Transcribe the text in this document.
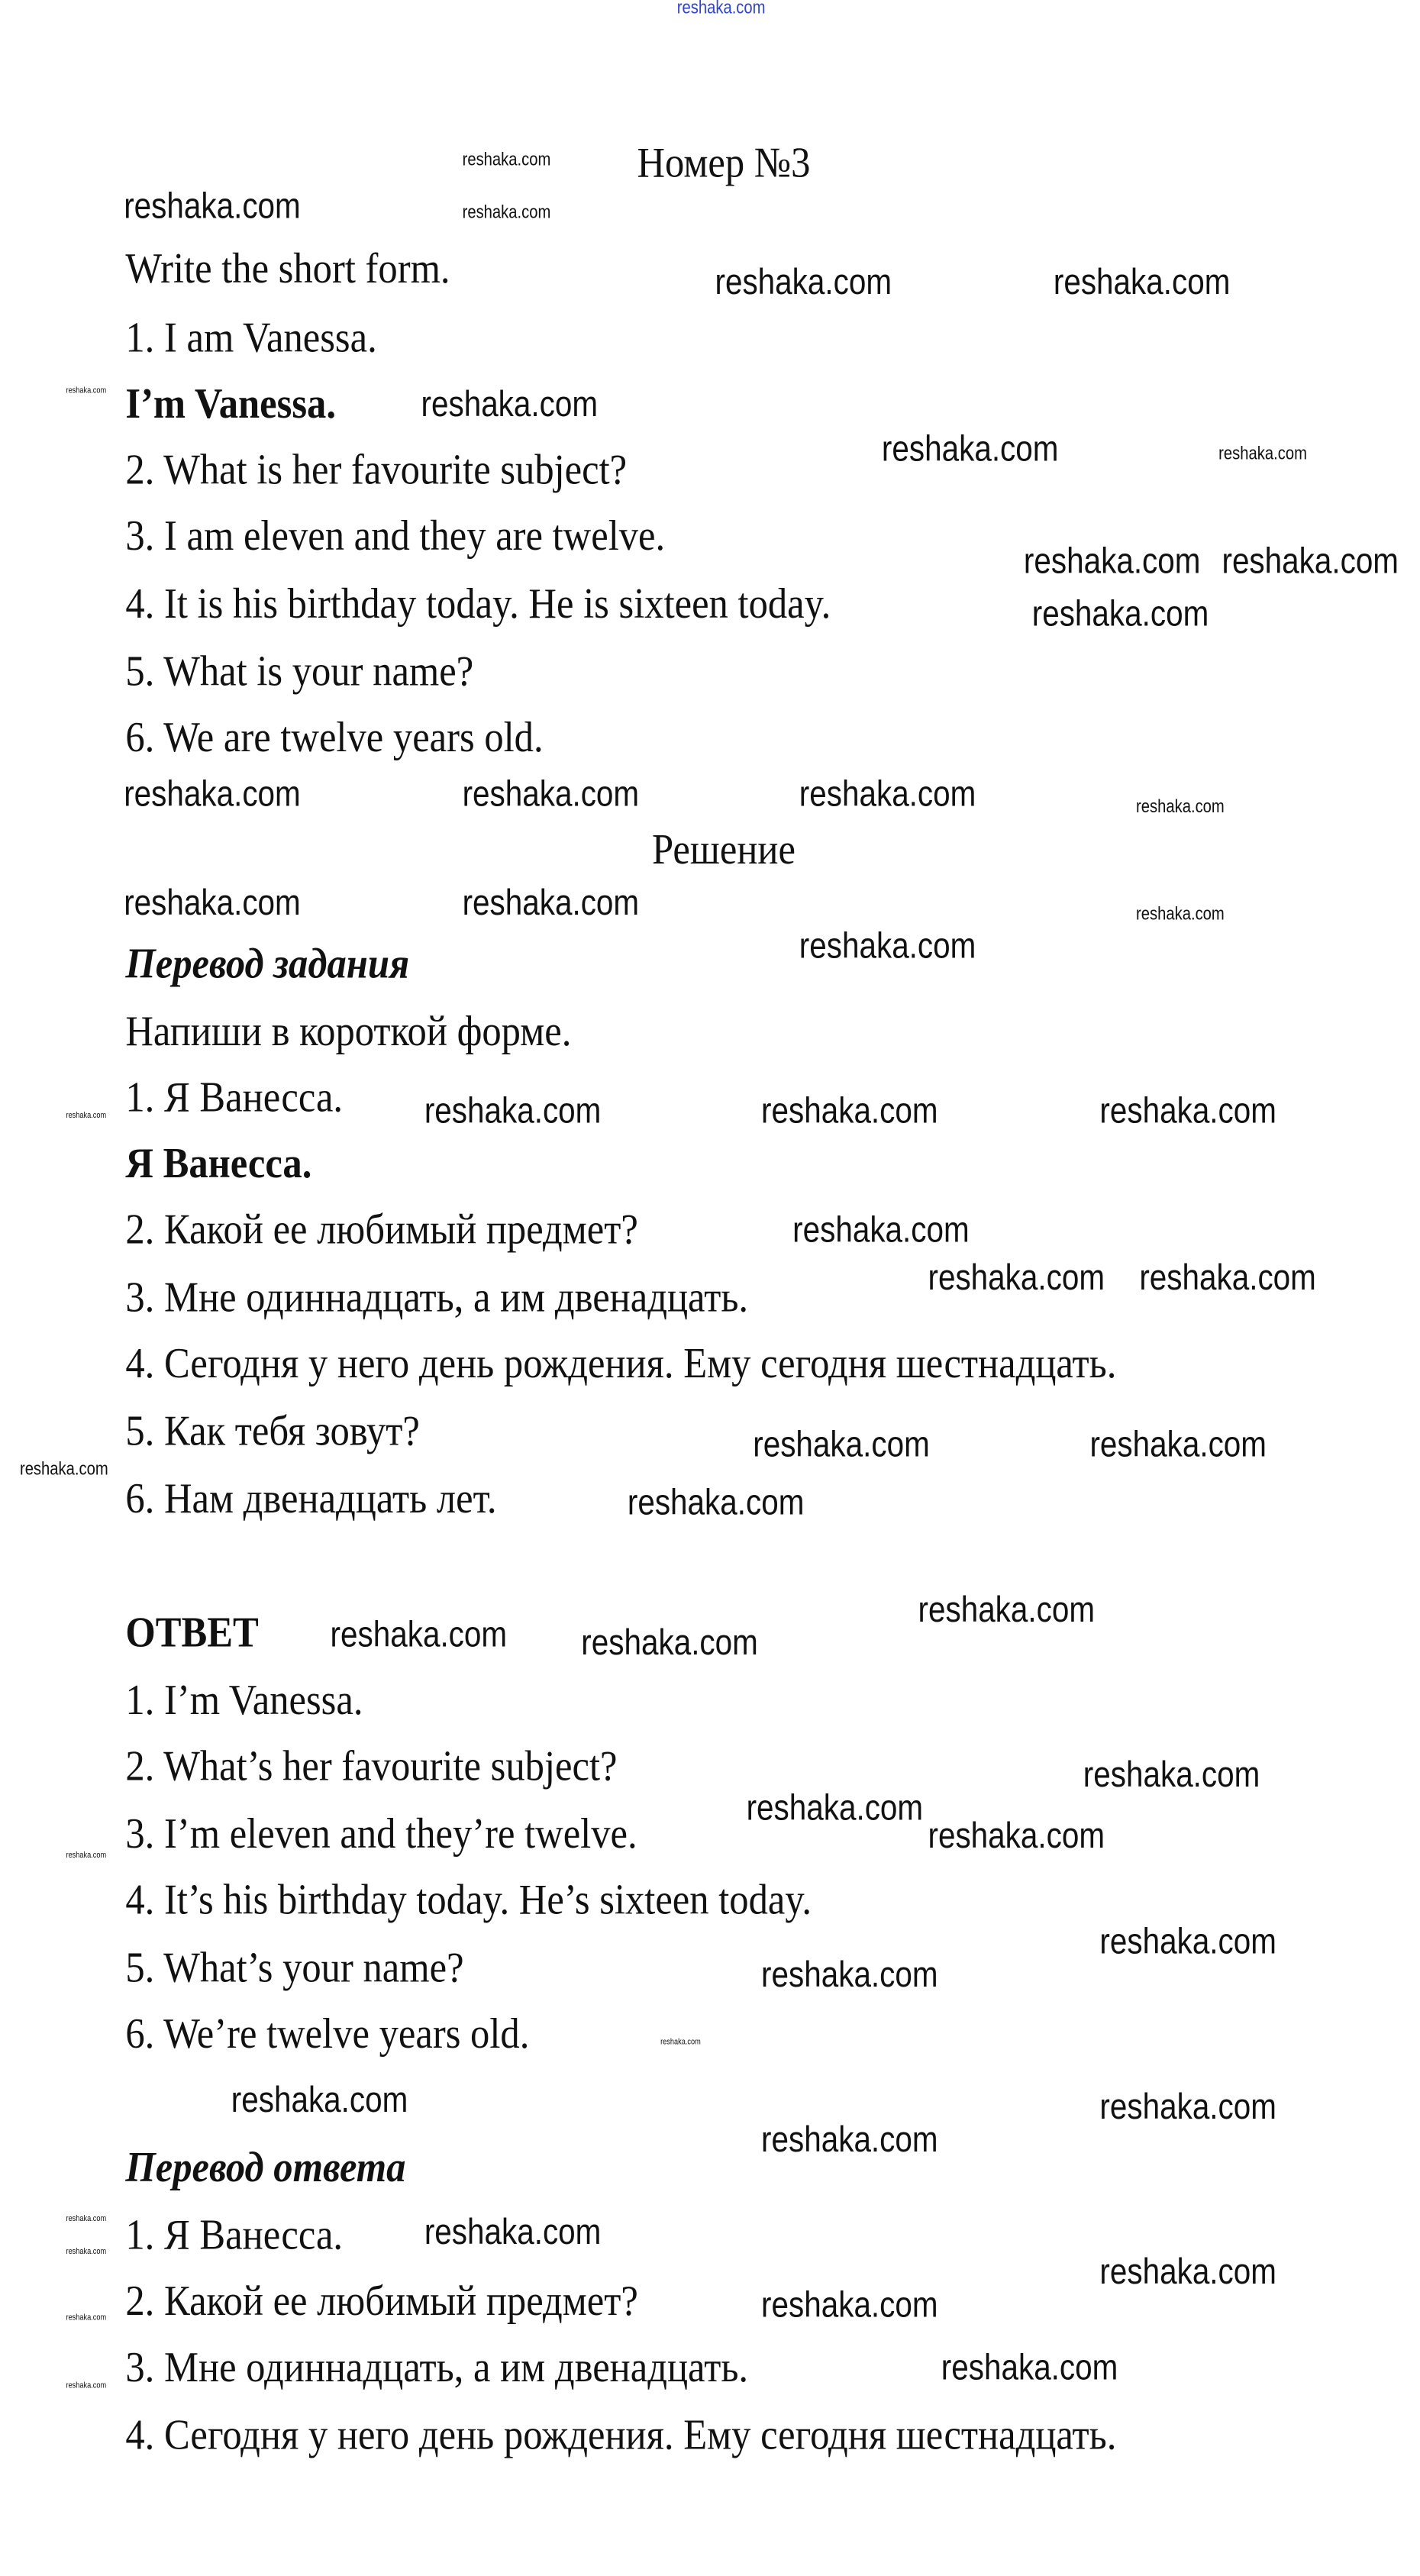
reshaka.com
Номер №3
Write the short form.
1. I am Vanessa.
I’m Vanessa.
2. What is her favourite subject?
3. I am eleven and they are twelve.
4. It is his birthday today. He is sixteen today.
5. What is your name?
6. We are twelve years old.
Решение
Перевод задания
Напиши в короткой форме.
1. Я Ванесса.
Я Ванесса.
2. Какой ее любимый предмет?
3. Мне одиннадцать, а им двенадцать.
4. Сегодня у него день рождения. Ему сегодня шестнадцать.
5. Как тебя зовут?
6. Нам двенадцать лет.
ОТВЕТ
1. I’m Vanessa.
2. What’s her favourite subject?
3. I’m eleven and they’re twelve.
4. It’s his birthday today. He’s sixteen today.
5. What’s your name?
6. We’re twelve years old.
Перевод ответа
1. Я Ванесса.
2. Какой ее любимый предмет?
3. Мне одиннадцать, а им двенадцать.
4. Сегодня у него день рождения. Ему сегодня шестнадцать.
reshaka.com
reshaka.com	reshaka.com
reshaka.com	reshaka.com
reshaka.com	reshaka.com
reshaka.com	reshaka.com
reshaka.com reshaka.com
reshaka.com
reshaka.com	reshaka.com	reshaka.com	reshaka.com
reshaka.com
reshaka.com	reshaka.com
reshaka.com
reshaka.com	reshaka.com	reshaka.com	reshaka.com
reshaka.com
reshaka.com
reshaka.com
reshaka.com
reshaka.com
reshaka.com	reshaka.com
reshaka.com
reshaka.com
reshaka.com
reshaka.com
reshaka.com
reshaka.com	reshaka.com
reshaka.com
reshaka.com
reshaka.com
reshaka.com	reshaka.com
reshaka.com
reshaka.com
reshaka.com	reshaka.com
reshaka.com
reshaka.com
reshaka.com
reshaka.com	reshaka.com
